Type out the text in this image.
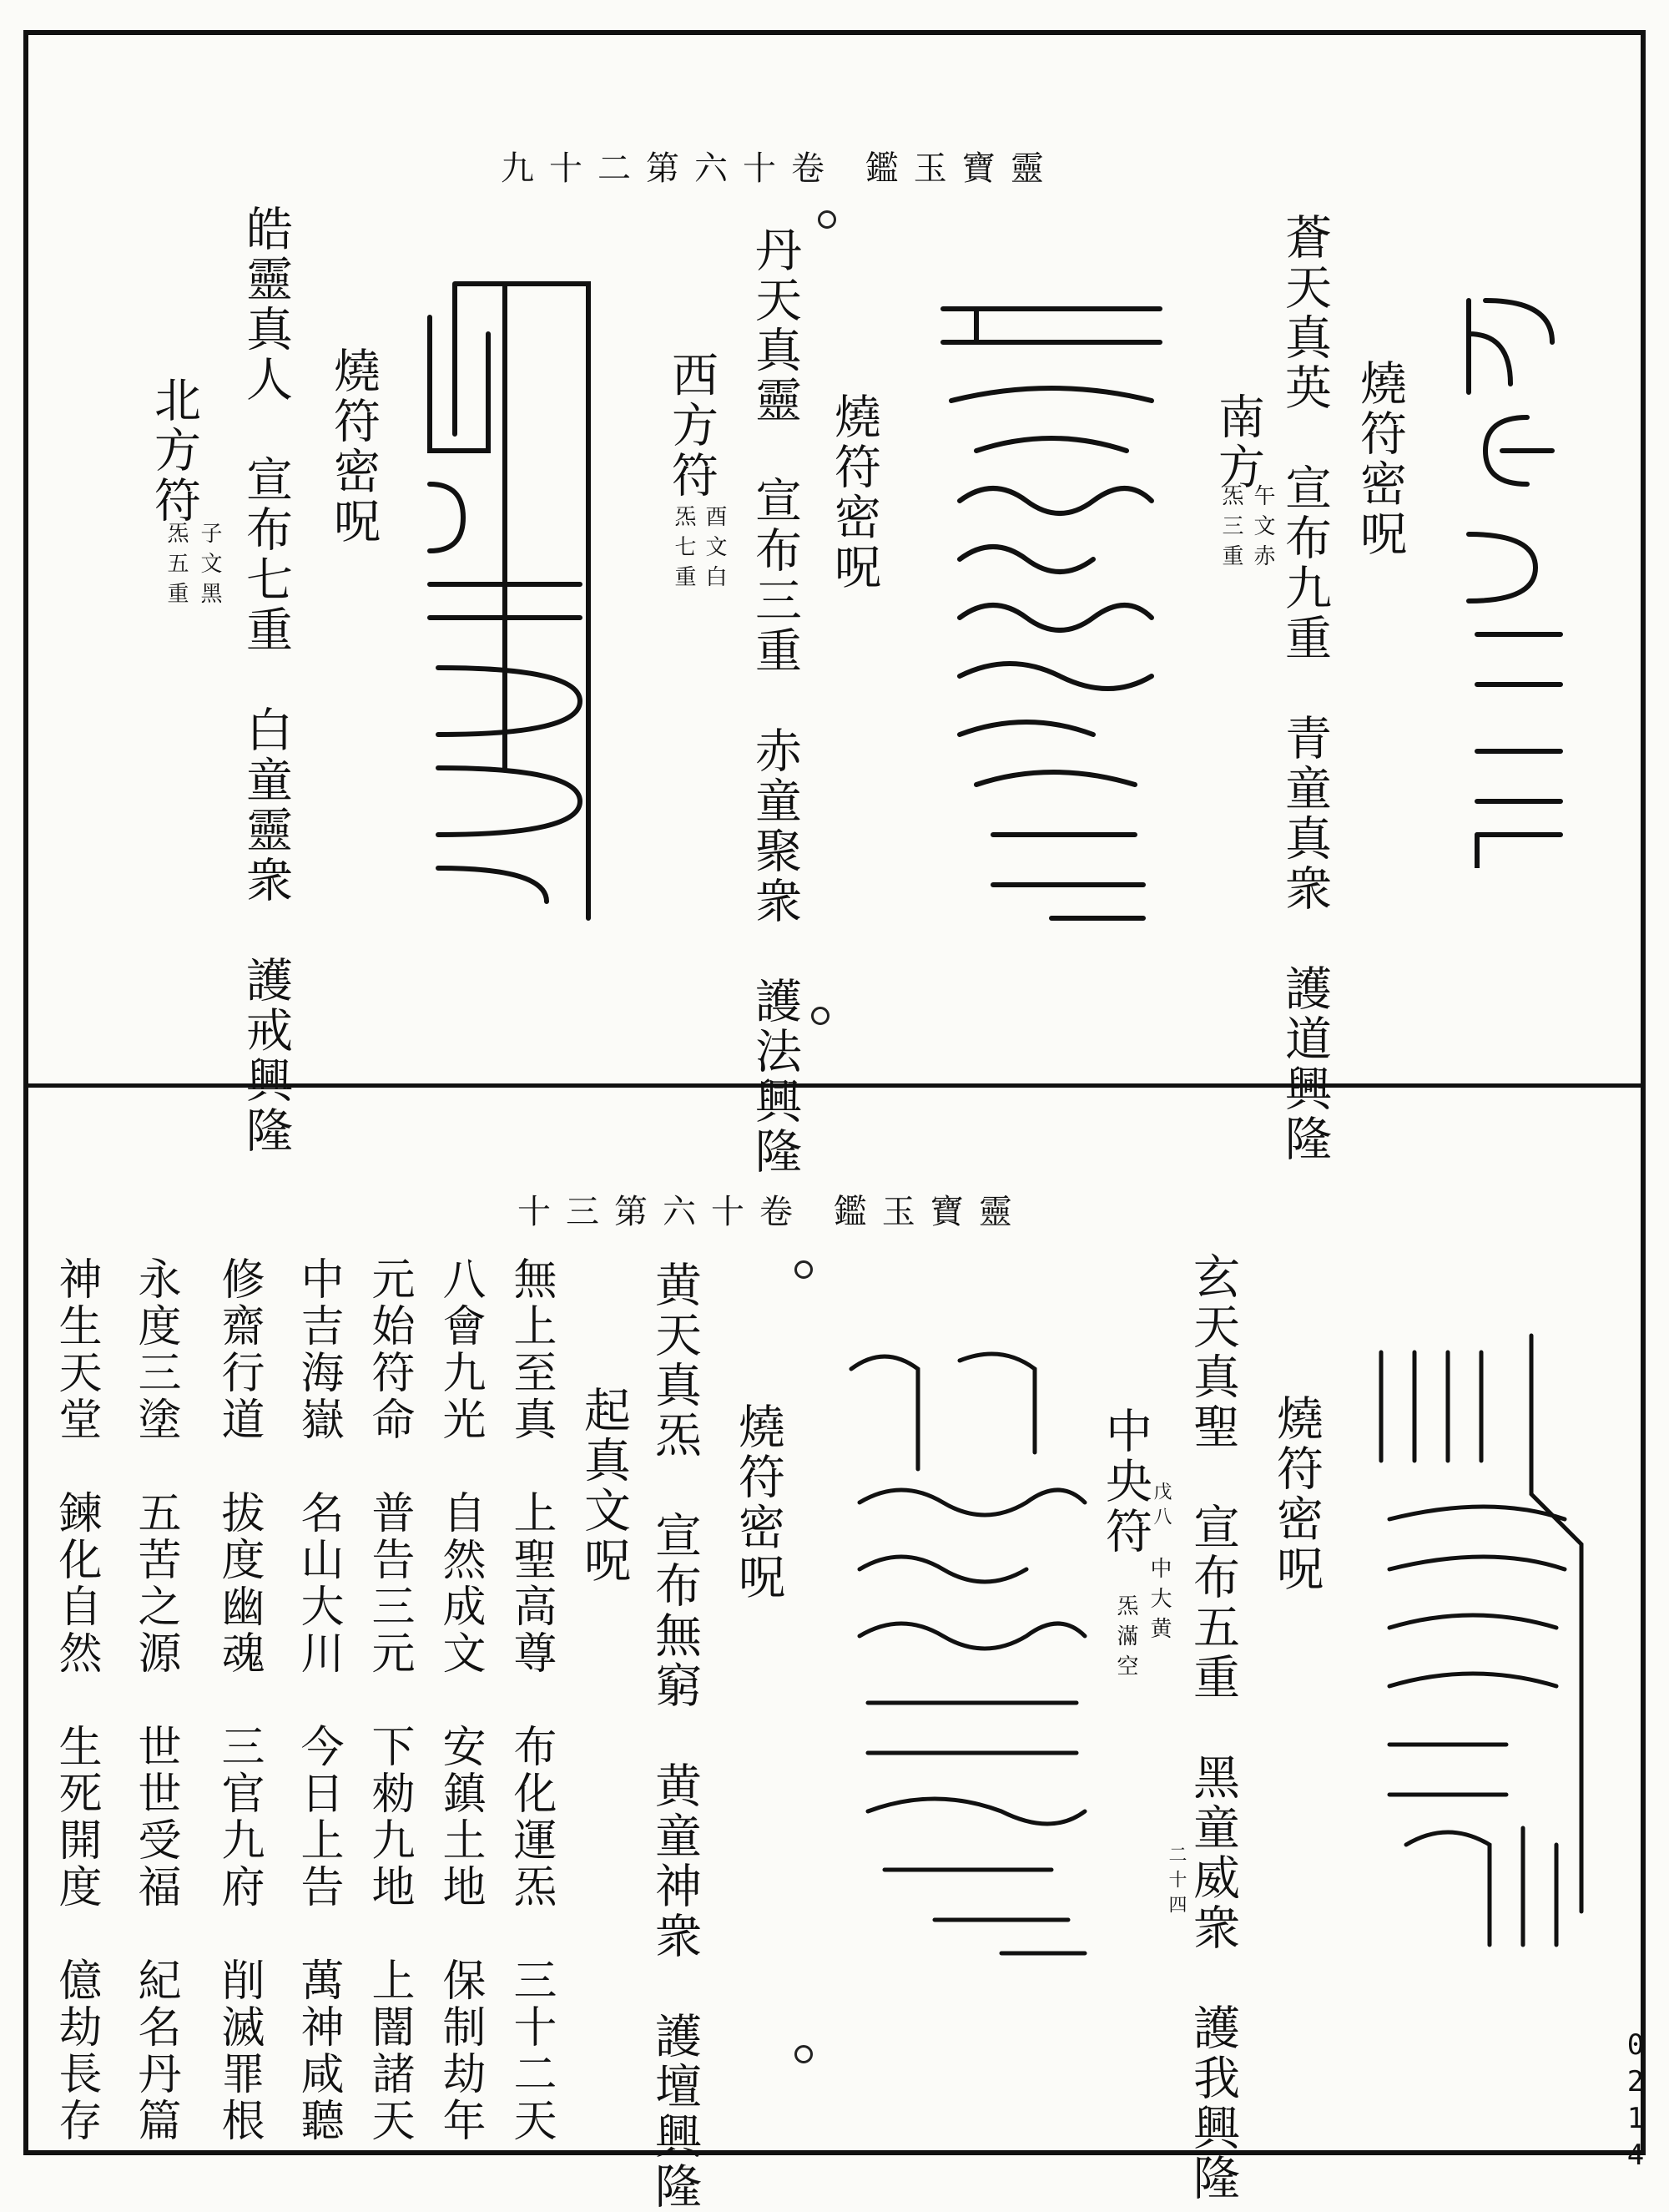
靈寶玉鑑 卷十六第二十九
靈寶玉鑑 卷十六第三十
燒符密呪
蒼天真英　宣布九重　青童真衆　護道興隆
南方
午文赤
炁三重
燒符密呪
丹天真靈　宣布三重　赤童聚衆　護法興隆
西方符
酉文白
炁七重
燒符密呪
皓靈真人　宣布七重　白童靈衆　護戒興隆
北方符
子文黑
炁五重
燒符密呪
玄天真聖　宣布五重　黑童威衆　護我興隆
中央符
戊八
中大黄
炁滿空
二十四
燒符密呪
黄天真炁　宣布無窮　黄童神衆　護壇興隆
起真文呪
無上至真　上聖高尊　布化運炁　三十二天
八會九光　自然成文　安鎮土地　保制劫年
元始符命　普告三元　下勑九地　上闇諸天
中吉海嶽　名山大川　今日上告　萬神咸聽
修齋行道　拔度幽魂　三官九府　削滅罪根
永度三塗　五苦之源　世世受福　紀名丹篇
神生天堂　鍊化自然　生死開度　億劫長存	0214
